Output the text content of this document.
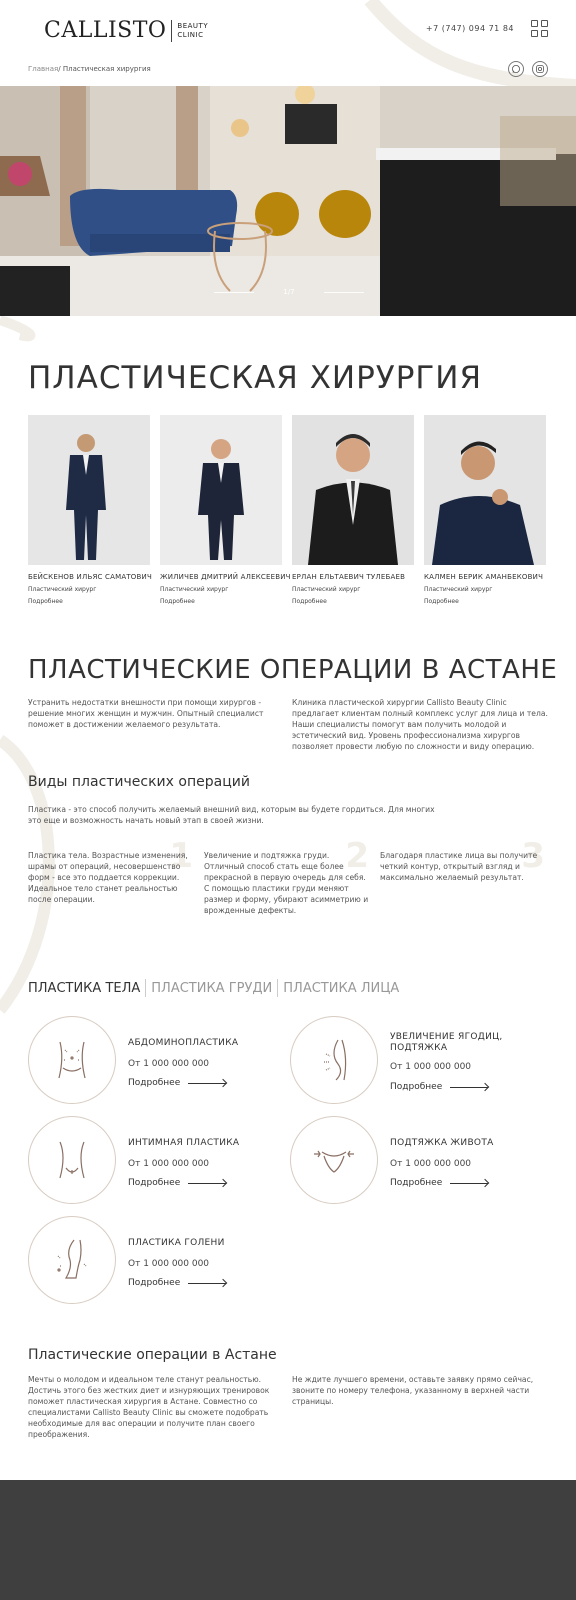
CALLISTO BEAUTY
CLINIC
+7 (747) 094 71 84
Главная/ Пластическая хирургия
1/7
ПЛАСТИЧЕСКАЯ ХИРУРГИЯ
БЕЙСКЕНОВ ИЛЬЯС САМАТОВИЧ
Пластический хирург
Подробнее
ЖИЛИЧЕВ ДМИТРИЙ АЛЕКСЕЕВИЧ
Пластический хирург
Подробнее
ЕРЛАН ЕЛЬТАЕВИЧ ТУЛЕБАЕВ
Пластический хирург
Подробнее
КАЛМЕН БЕРИК АМАНБЕКОВИЧ
Пластический хирург
Подробнее
ПЛАСТИЧЕСКИЕ ОПЕРАЦИИ В АСТАНЕ

Устранить недостатки внешности при помощи хирургов - решение многих женщин и мужчин. Опытный специалист поможет в достижении желаемого результата.

Клиника пластической хирургии Callisto Beauty Clinic предлагает клиентам полный комплекс услуг для лица и тела. Наши специалисты помогут вам получить молодой и эстетический вид. Уровень профессионализма хирургов позволяет провести любую по сложности и виду операцию.

Виды пластических операций

Пластика - это способ получить желаемый внешний вид, которым вы будете гордиться. Для многих это еще и возможность начать новый этап в своей жизни.

1

Пластика тела. Возрастные изменения, шрамы от операций, несовершенство форм - все это поддается коррекции. Идеальное тело станет реальностью после операции.

2

Увеличение и подтяжка груди. Отличный способ стать еще более прекрасной в первую очередь для себя. С помощью пластики груди меняют размер и форму, убирают асимметрию и врожденные дефекты.

3

Благодаря пластике лица вы получите четкий контур, открытый взгляд и максимально желаемый результат.

ПЛАСТИКА ТЕЛА ПЛАСТИКА ГРУДИ ПЛАСТИКА ЛИЦА
АБДОМИНОПЛАСТИКА
От 1 000 000 000
Подробнее
УВЕЛИЧЕНИЕ ЯГОДИЦ, ПОДТЯЖКА
От 1 000 000 000
Подробнее
ИНТИМНАЯ ПЛАСТИКА
От 1 000 000 000
Подробнее
ПОДТЯЖКА ЖИВОТА
От 1 000 000 000
Подробнее
ПЛАСТИКА ГОЛЕНИ
От 1 000 000 000
Подробнее
Пластические операции в Астане

Мечты о молодом и идеальном теле станут реальностью. Достичь этого без жестких диет и изнуряющих тренировок поможет пластическая хирургия в Астане. Совместно со специалистами Callisto Beauty Clinic вы сможете подобрать необходимые для вас операции и получите план своего преображения.

Не ждите лучшего времени, оставьте заявку прямо сейчас, звоните по номеру телефона, указанному в верхней части страницы.
